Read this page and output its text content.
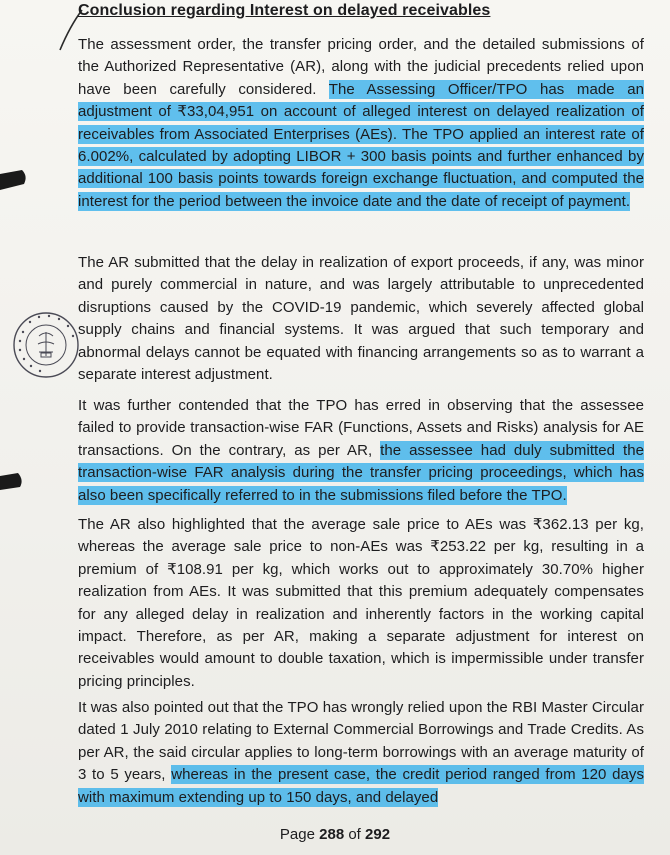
Conclusion regarding Interest on delayed receivables
The assessment order, the transfer pricing order, and the detailed submissions of the Authorized Representative (AR), along with the judicial precedents relied upon have been carefully considered. The Assessing Officer/TPO has made an adjustment of ₹33,04,951 on account of alleged interest on delayed realization of receivables from Associated Enterprises (AEs). The TPO applied an interest rate of 6.002%, calculated by adopting LIBOR + 300 basis points and further enhanced by additional 100 basis points towards foreign exchange fluctuation, and computed the interest for the period between the invoice date and the date of receipt of payment.
The AR submitted that the delay in realization of export proceeds, if any, was minor and purely commercial in nature, and was largely attributable to unprecedented disruptions caused by the COVID-19 pandemic, which severely affected global supply chains and financial systems. It was argued that such temporary and abnormal delays cannot be equated with financing arrangements so as to warrant a separate interest adjustment.
It was further contended that the TPO has erred in observing that the assessee failed to provide transaction-wise FAR (Functions, Assets and Risks) analysis for AE transactions. On the contrary, as per AR, the assessee had duly submitted the transaction-wise FAR analysis during the transfer pricing proceedings, which has also been specifically referred to in the submissions filed before the TPO.
The AR also highlighted that the average sale price to AEs was ₹362.13 per kg, whereas the average sale price to non-AEs was ₹253.22 per kg, resulting in a premium of ₹108.91 per kg, which works out to approximately 30.70% higher realization from AEs. It was submitted that this premium adequately compensates for any alleged delay in realization and inherently factors in the working capital impact. Therefore, as per AR, making a separate adjustment for interest on receivables would amount to double taxation, which is impermissible under transfer pricing principles.
It was also pointed out that the TPO has wrongly relied upon the RBI Master Circular dated 1 July 2010 relating to External Commercial Borrowings and Trade Credits. As per AR, the said circular applies to long-term borrowings with an average maturity of 3 to 5 years, whereas in the present case, the credit period ranged from 120 days with maximum extending up to 150 days, and delayed
Page 288 of 292
